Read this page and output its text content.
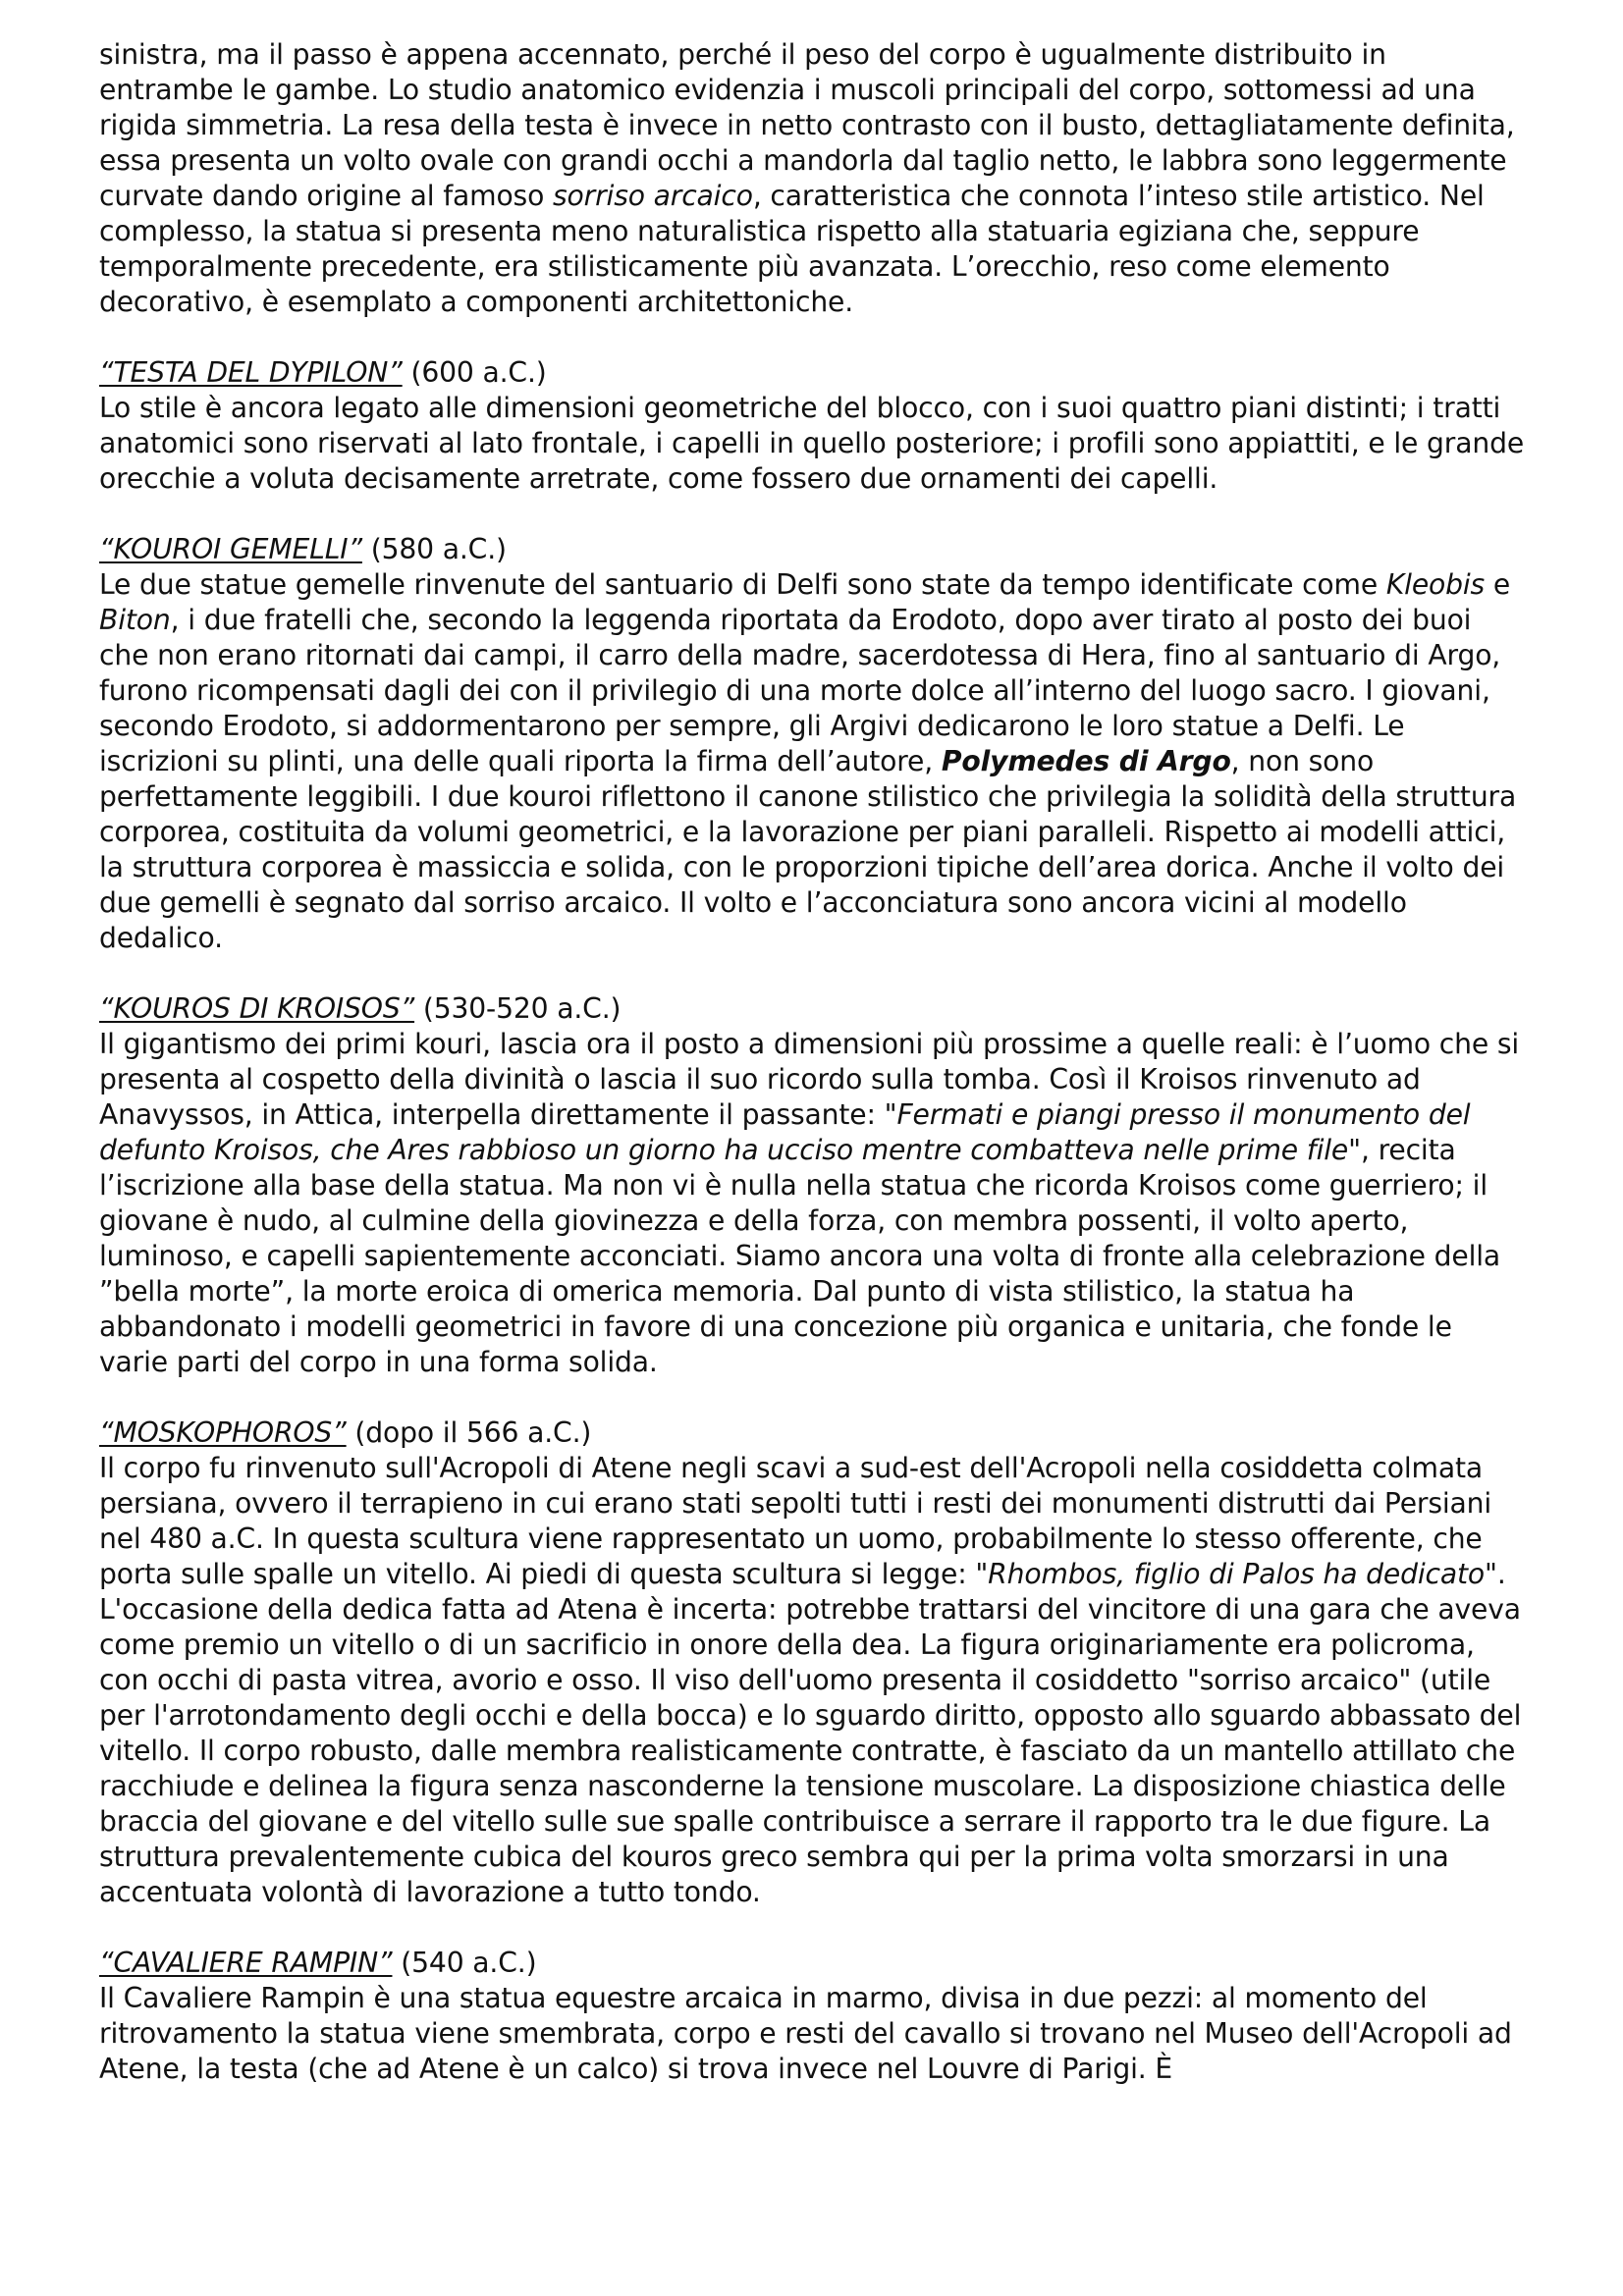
sinistra, ma il passo è appena accennato, perché il peso del corpo è ugualmente distribuito in entrambe le gambe. Lo studio anatomico evidenzia i muscoli principali del corpo, sottomessi ad una rigida simmetria. La resa della testa è invece in netto contrasto con il busto, dettagliatamente definita, essa presenta un volto ovale con grandi occhi a mandorla dal taglio netto, le labbra sono leggermente curvate dando origine al famoso sorriso arcaico, caratteristica che connota l’inteso stile artistico. Nel complesso, la statua si presenta meno naturalistica rispetto alla statuaria egiziana che, seppure temporalmente precedente, era stilisticamente più avanzata. L’orecchio, reso come elemento decorativo, è esemplato a componenti architettoniche.

“TESTA DEL DYPILON” (600 a.C.)

Lo stile è ancora legato alle dimensioni geometriche del blocco, con i suoi quattro piani distinti; i tratti anatomici sono riservati al lato frontale, i capelli in quello posteriore; i profili sono appiattiti, e le grande orecchie a voluta decisamente arretrate, come fossero due ornamenti dei capelli.

“KOUROI GEMELLI” (580 a.C.)

Le due statue gemelle rinvenute del santuario di Delfi sono state da tempo identificate come Kleobis e Biton, i due fratelli che, secondo la leggenda riportata da Erodoto, dopo aver tirato al posto dei buoi che non erano ritornati dai campi, il carro della madre, sacerdotessa di Hera, fino al santuario di Argo, furono ricompensati dagli dei con il privilegio di una morte dolce all’interno del luogo sacro. I giovani, secondo Erodoto, si addormentarono per sempre, gli Argivi dedicarono le loro statue a Delfi. Le iscrizioni su plinti, una delle quali riporta la firma dell’autore, Polymedes di Argo, non sono perfettamente leggibili. I due kouroi riflettono il canone stilistico che privilegia la solidità della struttura corporea, costituita da volumi geometrici, e la lavorazione per piani paralleli. Rispetto ai modelli attici, la struttura corporea è massiccia e solida, con le proporzioni tipiche dell’area dorica. Anche il volto dei due gemelli è segnato dal sorriso arcaico. Il volto e l’acconciatura sono ancora vicini al modello dedalico.

“KOUROS DI KROISOS” (530-520 a.C.)

Il gigantismo dei primi kouri, lascia ora il posto a dimensioni più prossime a quelle reali: è l’uomo che si presenta al cospetto della divinità o lascia il suo ricordo sulla tomba. Così il Kroisos rinvenuto ad Anavyssos, in Attica, interpella direttamente il passante: "Fermati e piangi presso il monumento del defunto Kroisos, che Ares rabbioso un giorno ha ucciso mentre combatteva nelle prime file", recita l’iscrizione alla base della statua. Ma non vi è nulla nella statua che ricorda Kroisos come guerriero; il giovane è nudo, al culmine della giovinezza e della forza, con membra possenti, il volto aperto, luminoso, e capelli sapientemente acconciati. Siamo ancora una volta di fronte alla celebrazione della ”bella morte”, la morte eroica di omerica memoria. Dal punto di vista stilistico, la statua ha abbandonato i modelli geometrici in favore di una concezione più organica e unitaria, che fonde le varie parti del corpo in una forma solida.

“MOSKOPHOROS” (dopo il 566 a.C.)

Il corpo fu rinvenuto sull'Acropoli di Atene negli scavi a sud-est dell'Acropoli nella cosiddetta colmata persiana, ovvero il terrapieno in cui erano stati sepolti tutti i resti dei monumenti distrutti dai Persiani nel 480 a.C. In questa scultura viene rappresentato un uomo, probabilmente lo stesso offerente, che porta sulle spalle un vitello. Ai piedi di questa scultura si legge: "Rhombos, figlio di Palos ha dedicato". L'occasione della dedica fatta ad Atena è incerta: potrebbe trattarsi del vincitore di una gara che aveva come premio un vitello o di un sacrificio in onore della dea. La figura originariamente era policroma, con occhi di pasta vitrea, avorio e osso. Il viso dell'uomo presenta il cosiddetto "sorriso arcaico" (utile per l'arrotondamento degli occhi e della bocca) e lo sguardo diritto, opposto allo sguardo abbassato del vitello. Il corpo robusto, dalle membra realisticamente contratte, è fasciato da un mantello attillato che racchiude e delinea la figura senza nasconderne la tensione muscolare. La disposizione chiastica delle braccia del giovane e del vitello sulle sue spalle contribuisce a serrare il rapporto tra le due figure. La struttura prevalentemente cubica del kouros greco sembra qui per la prima volta smorzarsi in una accentuata volontà di lavorazione a tutto tondo.

“CAVALIERE RAMPIN” (540 a.C.)

Il Cavaliere Rampin è una statua equestre arcaica in marmo, divisa in due pezzi: al momento del ritrovamento la statua viene smembrata, corpo e resti del cavallo si trovano nel Museo dell'Acropoli ad Atene, la testa (che ad Atene è un calco) si trova invece nel Louvre di Parigi. È
